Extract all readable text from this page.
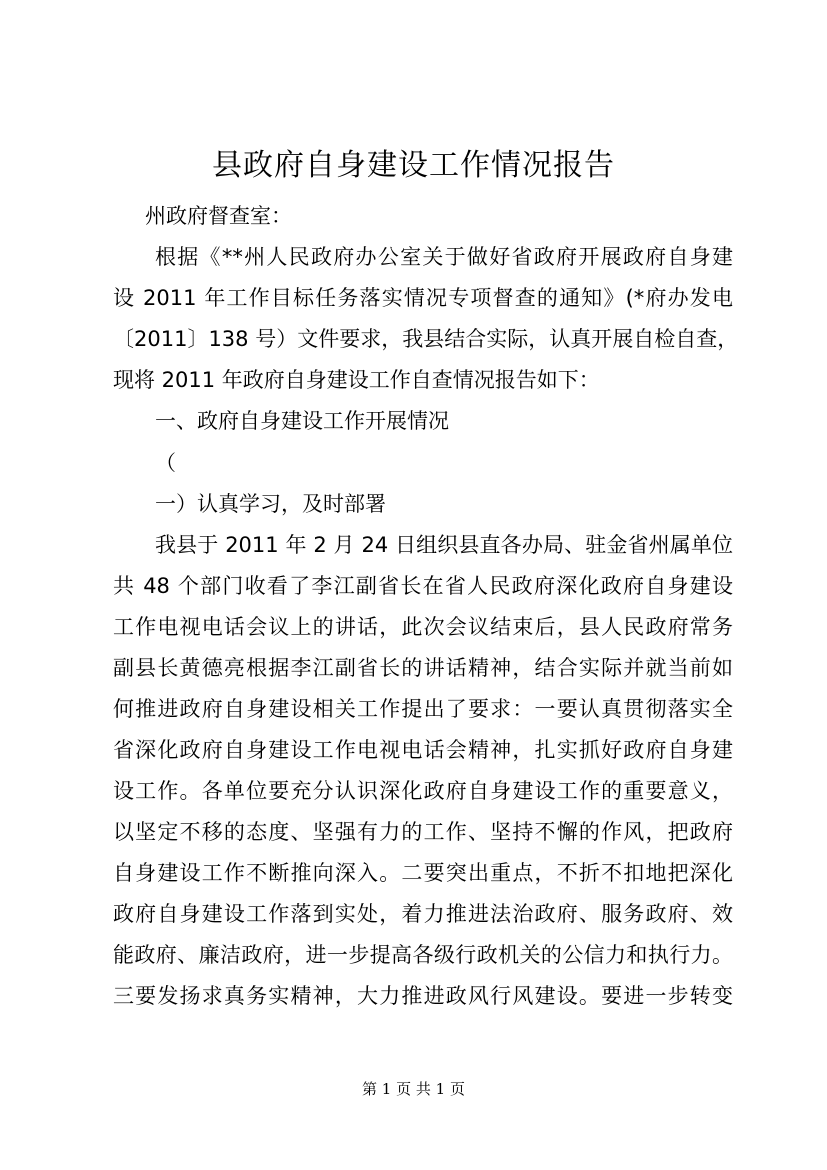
县政府自身建设工作情况报告
州政府督查室：
根据《**州人民政府办公室关于做好省政府开展政府自身建
设 2011 年工作目标任务落实情况专项督查的通知》(*府办发电
〔2011〕138 号）文件要求，我县结合实际，认真开展自检自查，
现将 2011 年政府自身建设工作自查情况报告如下：
一、政府自身建设工作开展情况
（
一）认真学习，及时部署
我县于 2011 年 2 月 24 日组织县直各办局、驻金省州属单位
共 48 个部门收看了李江副省长在省人民政府深化政府自身建设
工作电视电话会议上的讲话，此次会议结束后，县人民政府常务
副县长黄德亮根据李江副省长的讲话精神，结合实际并就当前如
何推进政府自身建设相关工作提出了要求：一要认真贯彻落实全
省深化政府自身建设工作电视电话会精神，扎实抓好政府自身建
设工作。各单位要充分认识深化政府自身建设工作的重要意义，
以坚定不移的态度、坚强有力的工作、坚持不懈的作风，把政府
自身建设工作不断推向深入。二要突出重点，不折不扣地把深化
政府自身建设工作落到实处，着力推进法治政府、服务政府、效
能政府、廉洁政府，进一步提高各级行政机关的公信力和执行力。
三要发扬求真务实精神，大力推进政风行风建设。要进一步转变
第 1 页 共 1 页
